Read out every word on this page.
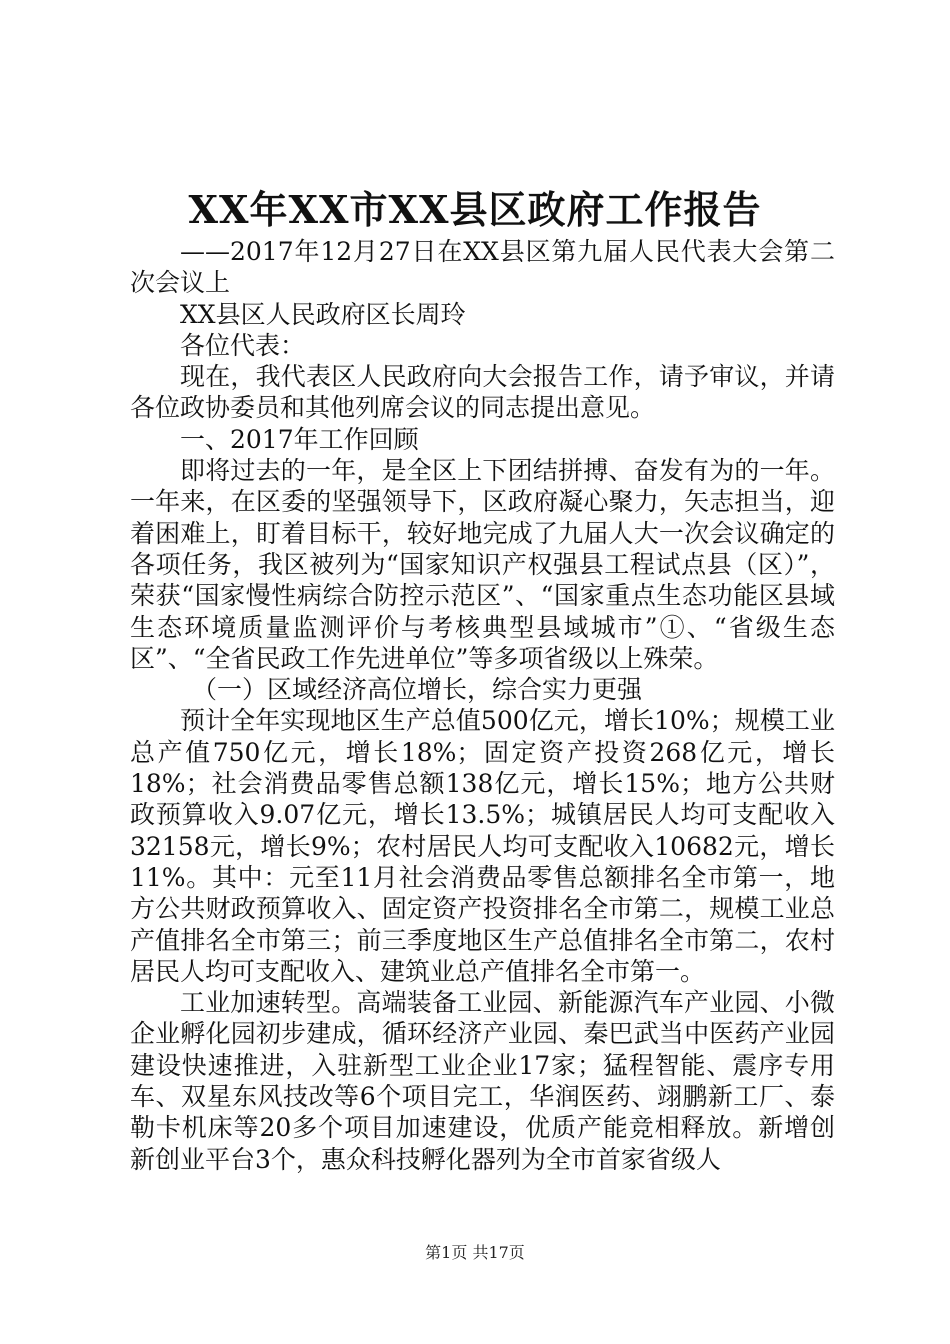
XX年XX市XX县区政府工作报告

——2017年12月27日在XX县区第九届人民代表大会第二次会议上

XX县区人民政府区长周玲

各位代表：

现在，我代表区人民政府向大会报告工作，请予审议，并请各位政协委员和其他列席会议的同志提出意见。

一、2017年工作回顾

即将过去的一年，是全区上下团结拼搏、奋发有为的一年。一年来，在区委的坚强领导下，区政府凝心聚力，矢志担当，迎着困难上，盯着目标干，较好地完成了九届人大一次会议确定的各项任务，我区被列为“国家知识产权强县工程试点县（区）”，荣获“国家慢性病综合防控示范区”、“国家重点生态功能区县域生态环境质量监测评价与考核典型县域城市”①、“省级生态区”、“全省民政工作先进单位”等多项省级以上殊荣。

（一）区域经济高位增长，综合实力更强

预计全年实现地区生产总值500亿元，增长10%；规模工业总产值750亿元，增长18%；固定资产投资268亿元，增长18%；社会消费品零售总额138亿元，增长15%；地方公共财政预算收入9.07亿元，增长13.5%；城镇居民人均可支配收入32158元，增长9%；农村居民人均可支配收入10682元，增长11%。其中：元至11月社会消费品零售总额排名全市第一，地方公共财政预算收入、固定资产投资排名全市第二，规模工业总产值排名全市第三；前三季度地区生产总值排名全市第二，农村居民人均可支配收入、建筑业总产值排名全市第一。

工业加速转型。高端装备工业园、新能源汽车产业园、小微企业孵化园初步建成，循环经济产业园、秦巴武当中医药产业园建设快速推进，入驻新型工业企业17家；猛程智能、震序专用车、双星东风技改等6个项目完工，华润医药、翊鹏新工厂、泰勒卡机床等20多个项目加速建设，优质产能竞相释放。新增创新创业平台3个，惠众科技孵化器列为全市首家省级人

第1页 共17页
